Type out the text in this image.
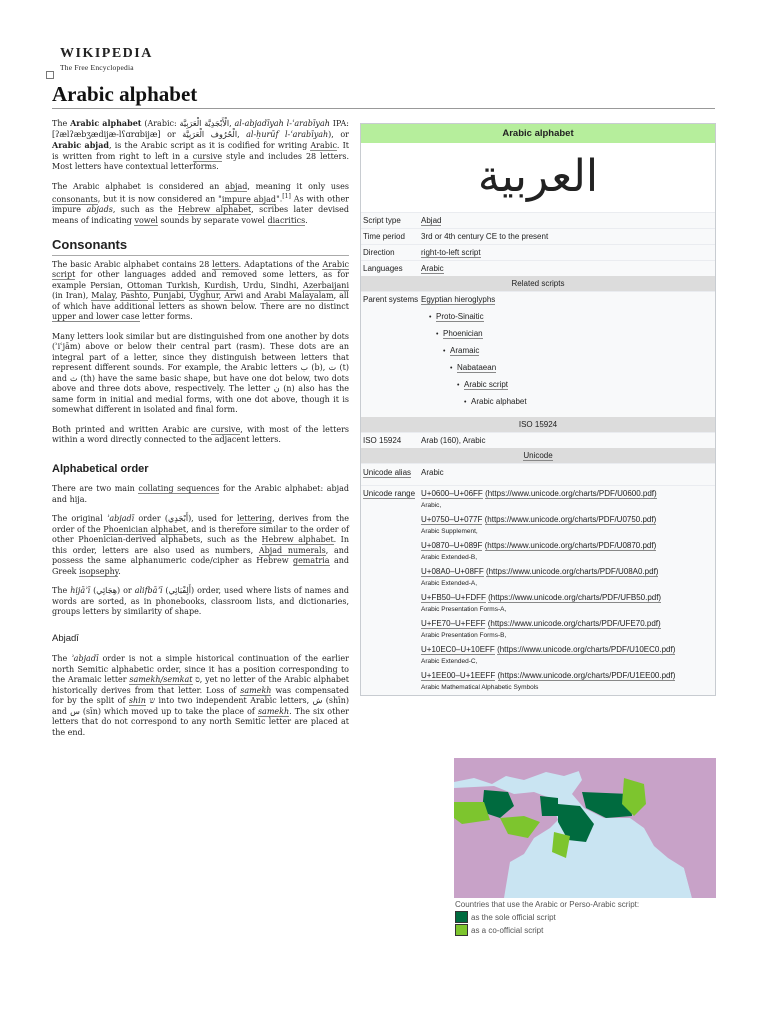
WIKIPEDIA
The Free Encyclopedia
Arabic alphabet

The Arabic alphabet (Arabic: الْأَبْجَدِيَّة الْعَرَبِيَّة, al-abjadīyah l-ʿarabīyah IPA: [ʔælʔæbʒædijæ‑lʕɑrɑbijæ] or الْحُرُوف الْعَرَبِيَّة, al-ḥurūf l-ʿarabīyah), or Arabic abjad, is the Arabic script as it is codified for writing Arabic. It is written from right to left in a cursive style and includes 28 letters. Most letters have contextual letterforms.

The Arabic alphabet is considered an abjad, meaning it only uses consonants, but it is now considered an "impure abjad".[1] As with other impure abjads, such as the Hebrew alphabet, scribes later devised means of indicating vowel sounds by separate vowel diacritics.

Consonants

The basic Arabic alphabet contains 28 letters. Adaptations of the Arabic script for other languages added and removed some letters, as for example Persian, Ottoman Turkish, Kurdish, Urdu, Sindhi, Azerbaijani (in Iran), Malay, Pashto, Punjabi, Uyghur, Arwi and Arabi Malayalam, all of which have additional letters as shown below. There are no distinct upper and lower case letter forms.

Many letters look similar but are distinguished from one another by dots (ʾiʿjām) above or below their central part (rasm). These dots are an integral part of a letter, since they distinguish between letters that represent different sounds. For example, the Arabic letters ب (b), ت (t) and ث (th) have the same basic shape, but have one dot below, two dots above and three dots above, respectively. The letter ن (n) also has the same form in initial and medial forms, with one dot above, though it is somewhat different in isolated and final form.

Both printed and written Arabic are cursive, with most of the letters within a word directly connected to the adjacent letters.

Alphabetical order

There are two main collating sequences for the Arabic alphabet: abjad and hija.

The original ʾabjadī order (أَبْجَدِي), used for lettering, derives from the order of the Phoenician alphabet, and is therefore similar to the order of other Phoenician-derived alphabets, such as the Hebrew alphabet. In this order, letters are also used as numbers, Abjad numerals, and possess the same alphanumeric code/cipher as Hebrew gematria and Greek isopsephy.

The hijāʾī (هِجَائِي) or alifbāʾī (أَلِفْبَائِي) order, used where lists of names and words are sorted, as in phonebooks, classroom lists, and dictionaries, groups letters by similarity of shape.

Abjadī

The ʾabjadī order is not a simple historical continuation of the earlier north Semitic alphabetic order, since it has a position corresponding to the Aramaic letter samekh/semkat ס, yet no letter of the Arabic alphabet historically derives from that letter. Loss of samekh was compensated for by the split of shin ש into two independent Arabic letters, ش (shīn) and س (sīn) which moved up to take the place of samekh. The six other letters that do not correspond to any north Semitic letter are placed at the end.

Arabic alphabet
العربية
Script type	Abjad
Time period	3rd or 4th century CE to the present
Direction	right-to-left script
Languages	Arabic
Related scripts
Parent systems Egyptian hieroglyphs
• Proto-Sinaitic
• Phoenician
• Aramaic
• Nabataean
• Arabic script
• Arabic alphabet
ISO 15924
ISO 15924	Arab (160), Arabic
Unicode
Unicode alias	Arabic
Unicode range U+0600–U+06FF (https://www.unicode.org/charts/PDF/U0600.pdf)
Arabic,
U+0750–U+077F (https://www.unicode.org/charts/PDF/U0750.pdf)
Arabic Supplement,
U+0870–U+089F (https://www.unicode.org/charts/PDF/U0870.pdf)
Arabic Extended-B,
U+08A0–U+08FF (https://www.unicode.org/charts/PDF/U08A0.pdf)
Arabic Extended-A,
U+FB50–U+FDFF (https://www.unicode.org/charts/PDF/UFB50.pdf)
Arabic Presentation Forms-A,
U+FE70–U+FEFF (https://www.unicode.org/charts/PDF/UFE70.pdf)
Arabic Presentation Forms-B,
U+10EC0–U+10EFF (https://www.unicode.org/charts/PDF/U10EC0.pdf)
Arabic Extended-C,
U+1EE00–U+1EEFF (https://www.unicode.org/charts/PDF/U1EE00.pdf)
Arabic Mathematical Alphabetic Symbols
Countries that use the Arabic or Perso-Arabic script:
as the sole official script
as a co-official script
